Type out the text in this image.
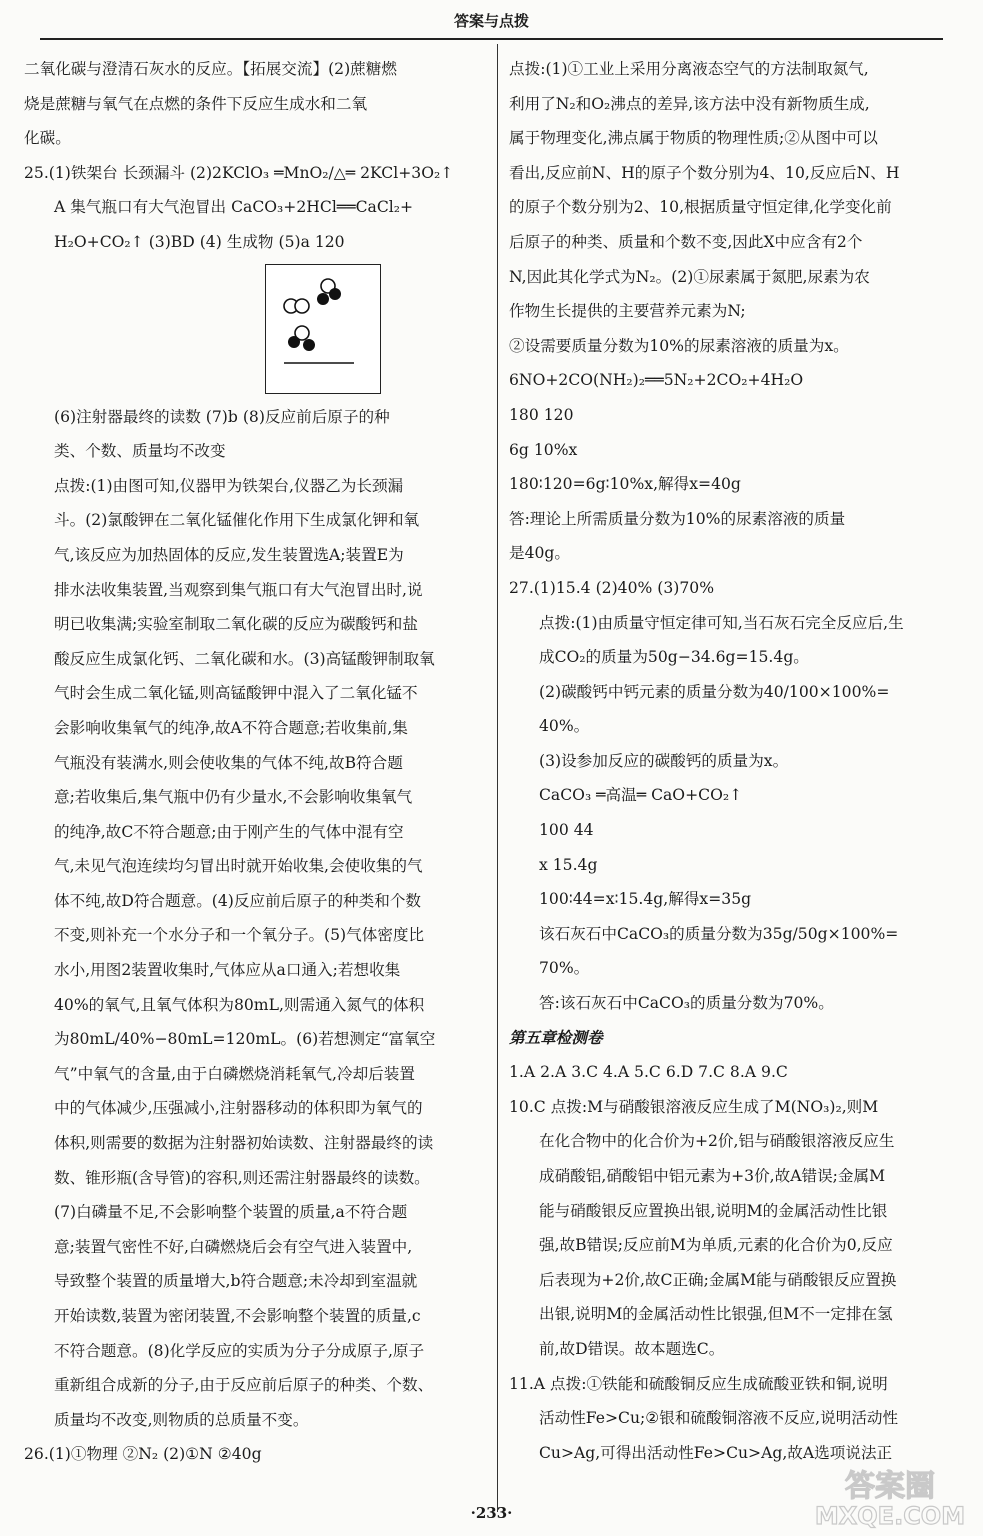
答案与点拨

二氧化碳与澄清石灰水的反应。【拓展交流】(2)蔗糖燃

烧是蔗糖与氧气在点燃的条件下反应生成水和二氧

化碳。

25.(1)铁架台 长颈漏斗 (2)2KClO₃ ═MnO₂/△═ 2KCl+3O₂↑

A 集气瓶口有大气泡冒出 CaCO₃+2HCl══CaCl₂+

H₂O+CO₂↑ (3)BD (4) 生成物 (5)a 120

(6)注射器最终的读数 (7)b (8)反应前后原子的种

类、个数、质量均不改变

点拨:(1)由图可知,仪器甲为铁架台,仪器乙为长颈漏

斗。(2)氯酸钾在二氧化锰催化作用下生成氯化钾和氧

气,该反应为加热固体的反应,发生装置选A;装置E为

排水法收集装置,当观察到集气瓶口有大气泡冒出时,说

明已收集满;实验室制取二氧化碳的反应为碳酸钙和盐

酸反应生成氯化钙、二氧化碳和水。(3)高锰酸钾制取氧

气时会生成二氧化锰,则高锰酸钾中混入了二氧化锰不

会影响收集氧气的纯净,故A不符合题意;若收集前,集

气瓶没有装满水,则会使收集的气体不纯,故B符合题

意;若收集后,集气瓶中仍有少量水,不会影响收集氧气

的纯净,故C不符合题意;由于刚产生的气体中混有空

气,未见气泡连续均匀冒出时就开始收集,会使收集的气

体不纯,故D符合题意。(4)反应前后原子的种类和个数

不变,则补充一个水分子和一个氧分子。(5)气体密度比

水小,用图2装置收集时,气体应从a口通入;若想收集

40%的氧气,且氧气体积为80mL,则需通入氮气的体积

为80mL/40%−80mL=120mL。(6)若想测定“富氧空

气”中氧气的含量,由于白磷燃烧消耗氧气,冷却后装置

中的气体减少,压强减小,注射器移动的体积即为氧气的

体积,则需要的数据为注射器初始读数、注射器最终的读

数、锥形瓶(含导管)的容积,则还需注射器最终的读数。

(7)白磷量不足,不会影响整个装置的质量,a不符合题

意;装置气密性不好,白磷燃烧后会有空气进入装置中,

导致整个装置的质量增大,b符合题意;未冷却到室温就

开始读数,装置为密闭装置,不会影响整个装置的质量,c

不符合题意。(8)化学反应的实质为分子分成原子,原子

重新组合成新的分子,由于反应前后原子的种类、个数、

质量均不改变,则物质的总质量不变。

26.(1)①物理 ②N₂ (2)①N ②40g

点拨:(1)①工业上采用分离液态空气的方法制取氮气,

利用了N₂和O₂沸点的差异,该方法中没有新物质生成,

属于物理变化,沸点属于物质的物理性质;②从图中可以

看出,反应前N、H的原子个数分别为4、10,反应后N、H

的原子个数分别为2、10,根据质量守恒定律,化学变化前

后原子的种类、质量和个数不变,因此X中应含有2个

N,因此其化学式为N₂。(2)①尿素属于氮肥,尿素为农

作物生长提供的主要营养元素为N;

②设需要质量分数为10%的尿素溶液的质量为x。

6NO+2CO(NH₂)₂══5N₂+2CO₂+4H₂O

180 120

6g 10%x

180∶120=6g∶10%x,解得x=40g

答:理论上所需质量分数为10%的尿素溶液的质量

是40g。

27.(1)15.4 (2)40% (3)70%

点拨:(1)由质量守恒定律可知,当石灰石完全反应后,生

成CO₂的质量为50g−34.6g=15.4g。

(2)碳酸钙中钙元素的质量分数为40/100×100%=

40%。

(3)设参加反应的碳酸钙的质量为x。

CaCO₃ ═高温═ CaO+CO₂↑

100 44

x 15.4g

100∶44=x∶15.4g,解得x=35g

该石灰石中CaCO₃的质量分数为35g/50g×100%=

70%。

答:该石灰石中CaCO₃的质量分数为70%。

第五章检测卷

1.A 2.A 3.C 4.A 5.C 6.D 7.C 8.A 9.C

10.C 点拨:M与硝酸银溶液反应生成了M(NO₃)₂,则M

在化合物中的化合价为+2价,铝与硝酸银溶液反应生

成硝酸铝,硝酸铝中铝元素为+3价,故A错误;金属M

能与硝酸银反应置换出银,说明M的金属活动性比银

强,故B错误;反应前M为单质,元素的化合价为0,反应

后表现为+2价,故C正确;金属M能与硝酸银反应置换

出银,说明M的金属活动性比银强,但M不一定排在氢

前,故D错误。故本题选C。

11.A 点拨:①铁能和硫酸铜反应生成硫酸亚铁和铜,说明

活动性Fe>Cu;②银和硫酸铜溶液不反应,说明活动性

Cu>Ag,可得出活动性Fe>Cu>Ag,故A选项说法正

·233·
答案圈
MXQE.COM
